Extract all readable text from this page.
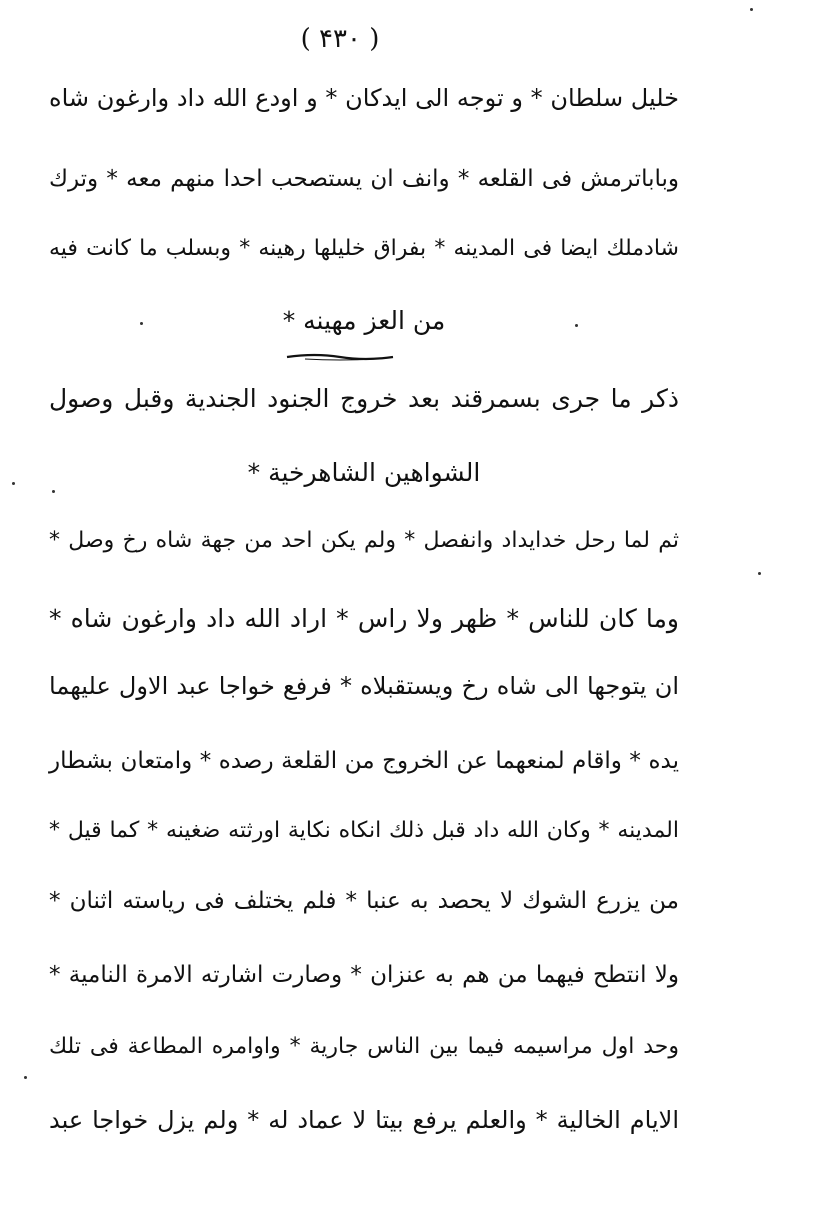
( ۴۳۰ )
خليل سلطان * و توجه الى ايدكان * و اودع الله داد وارغون شاه
وباباترمش فى القلعه * وانف ان يستصحب احدا منهم معه * وترك
شادملك ايضا فى المدينه * بفراق خليلها رهينه * وبسلب ما كانت فيه
من العز مهينه *
ذكر ما جرى بسمرقند بعد خروج الجنود الجندية وقبل وصول
الشواهين الشاهرخية *
ثم لما رحل خدايداد وانفصل * ولم يكن احد من جهة شاه رخ وصل *
وما كان للناس * ظهر ولا راس * اراد الله داد وارغون شاه *
ان يتوجها الى شاه رخ ويستقبلاه * فرفع خواجا عبد الاول عليهما
يده * واقام لمنعهما عن الخروج من القلعة رصده * وامتعان بشطار
المدينه * وكان الله داد قبل ذلك انكاه نكاية اورثته ضغينه * كما قيل *
من يزرع الشوك لا يحصد به عنبا * فلم يختلف فى رياسته اثنان *
ولا انتطح فيهما من هم به عنزان * وصارت اشارته الامرة النامية *
وحد اول مراسيمه فيما بين الناس جارية * واوامره المطاعة فى تلك
الايام الخالية * والعلم يرفع بيتا لا عماد له * ولم يزل خواجا عبد
